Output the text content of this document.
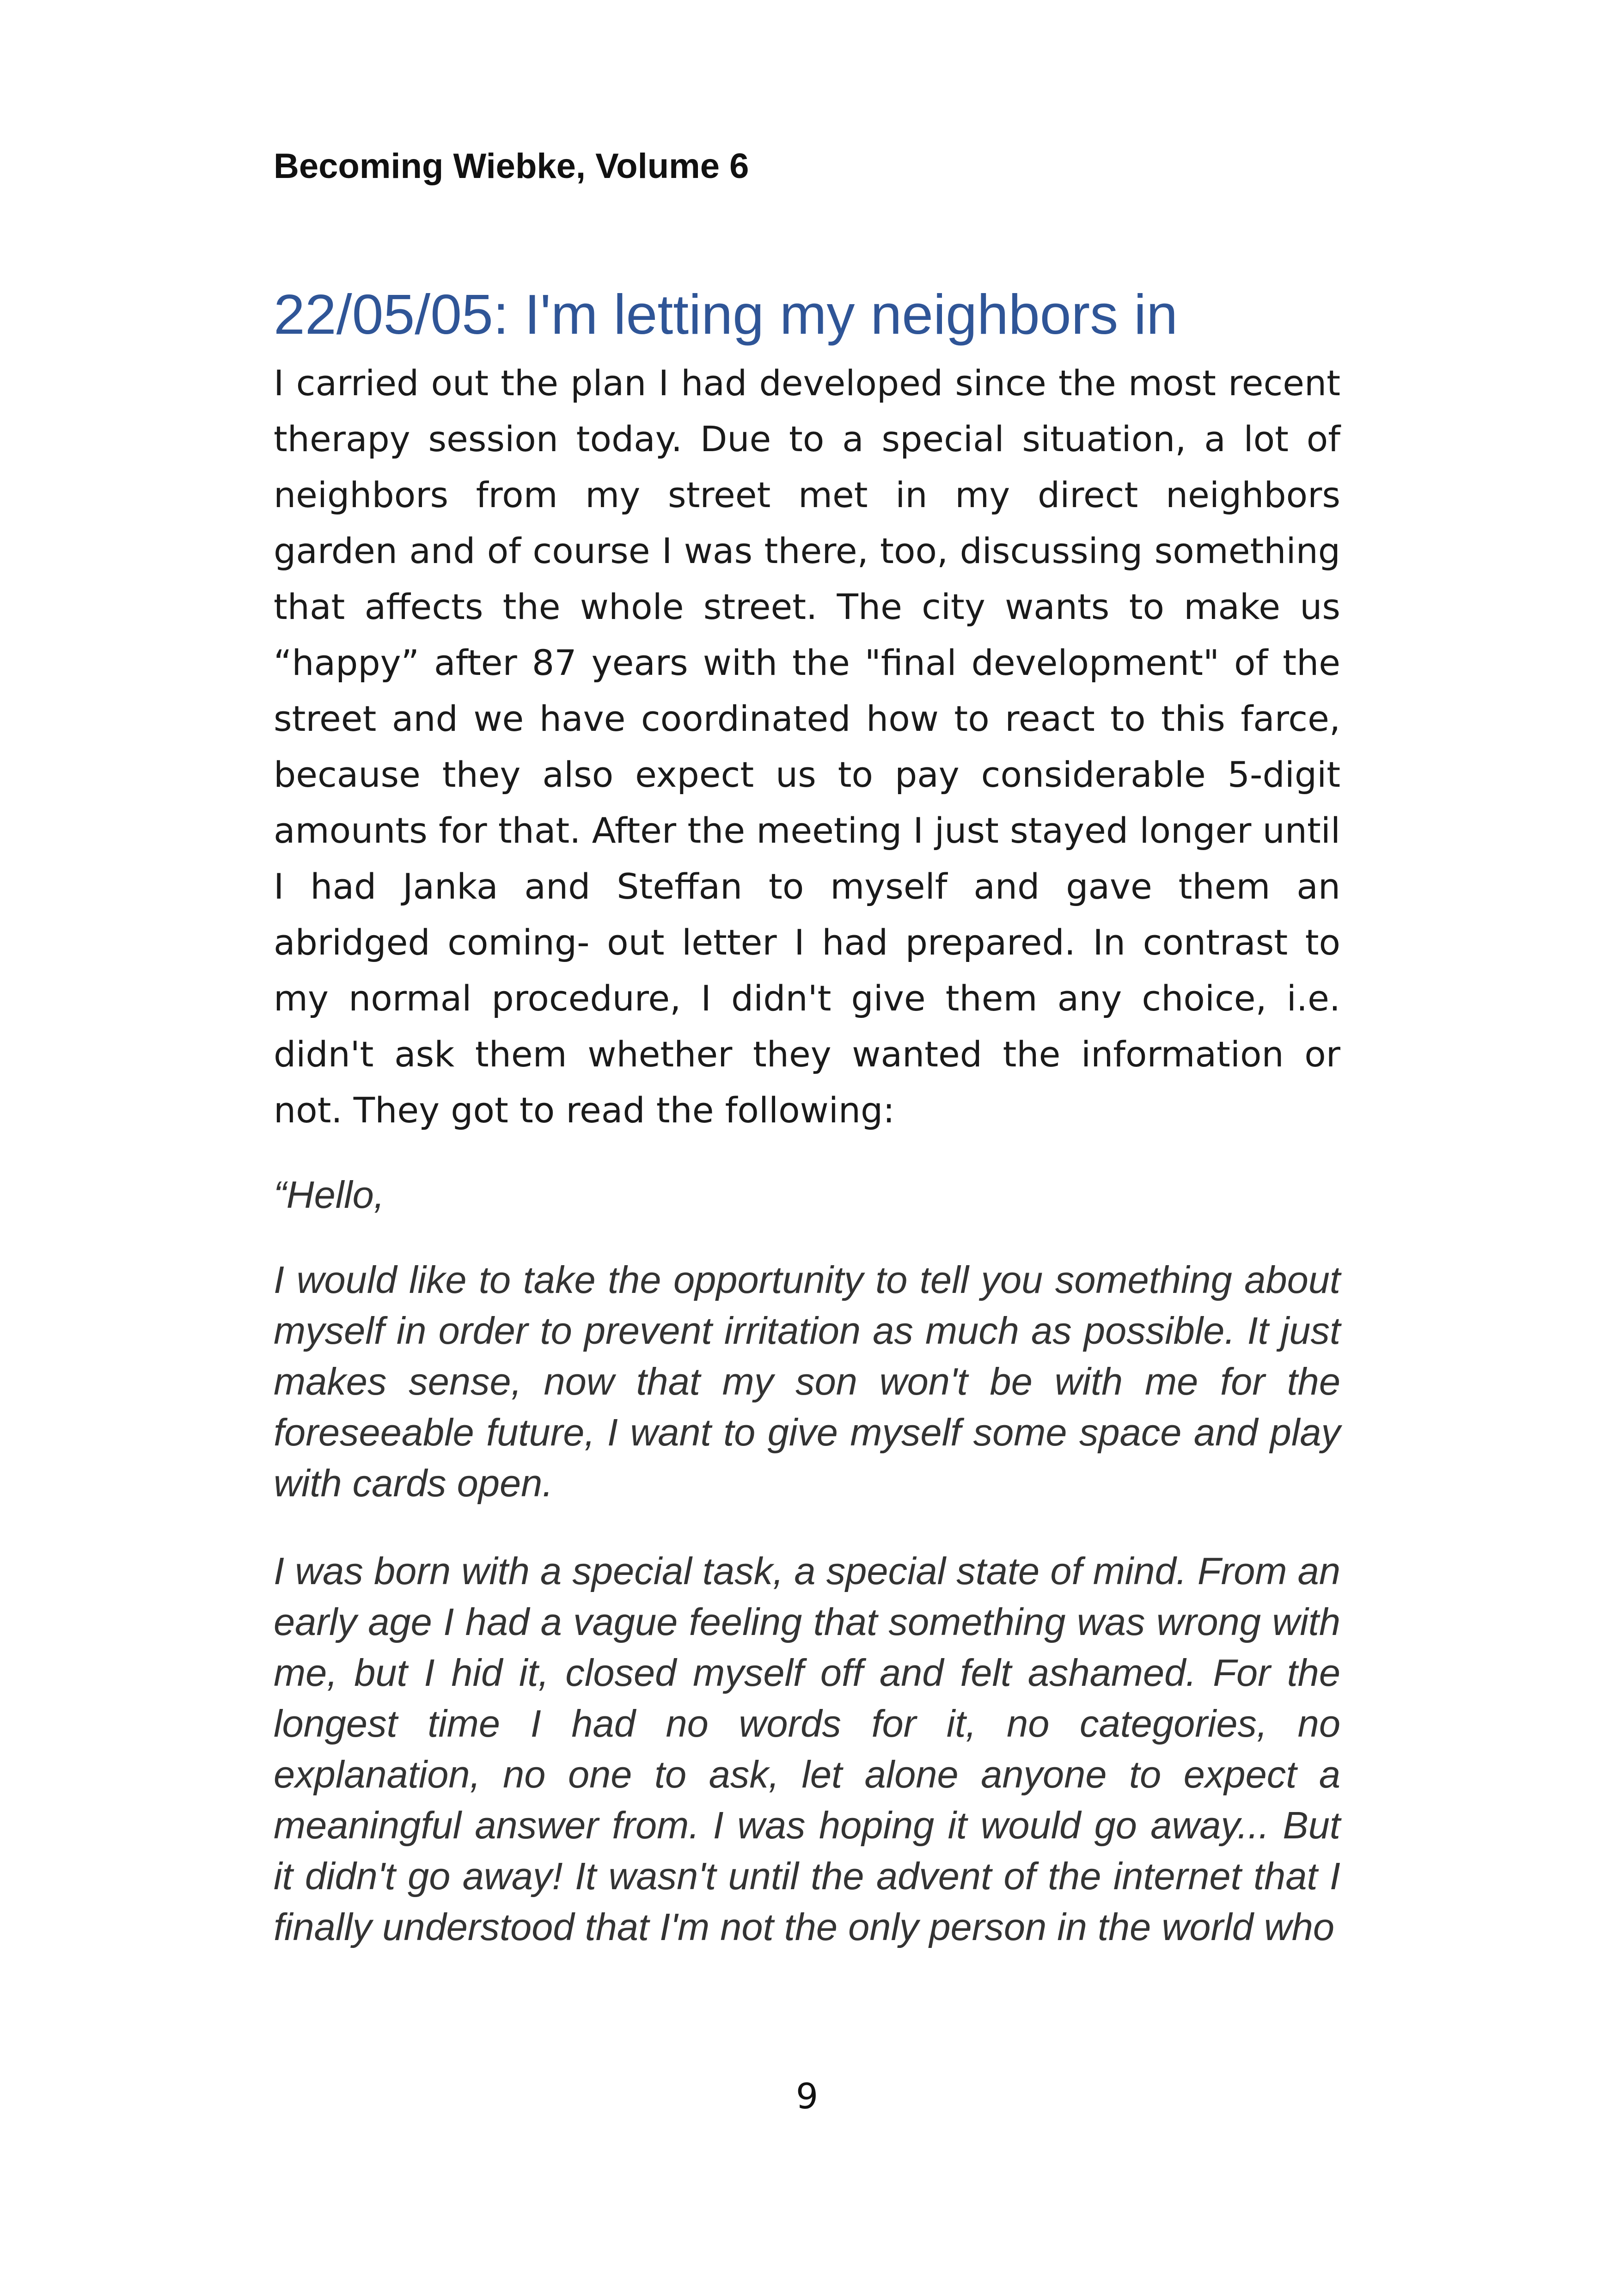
Becoming Wiebke, Volume 6
22/05/05: I'm letting my neighbors in

I carried out the plan I had developed since the most recent therapy session today. Due to a special situation, a lot of neighbors from my street met in my direct neighbors garden and of course I was there, too, discussing something that affects the whole street. The city wants to make us “happy” after 87 years with the "final development" of the street and we have coordinated how to react to this farce, because they also expect us to pay considerable 5-digit amounts for that. After the meeting I just stayed longer until I had Janka and Steffan to myself and gave them an abridged coming- out letter I had prepared. In contrast to my normal procedure, I didn't give them any choice, i.e. didn't ask them whether they wanted the information or not. They got to read the following:

“Hello,

I would like to take the opportunity to tell you something about myself in order to prevent irritation as much as possible. It just makes sense, now that my son won't be with me for the foreseeable future, I want to give myself some space and play with cards open.

I was born with a special task, a special state of mind. From an early age I had a vague feeling that something was wrong with me, but I hid it, closed myself off and felt ashamed. For the longest time I had no words for it, no categories, no explanation, no one to ask, let alone anyone to expect a meaningful answer from. I was hoping it would go away... But it didn't go away! It wasn't until the advent of the internet that I finally understood that I'm not the only person in the world who

9
